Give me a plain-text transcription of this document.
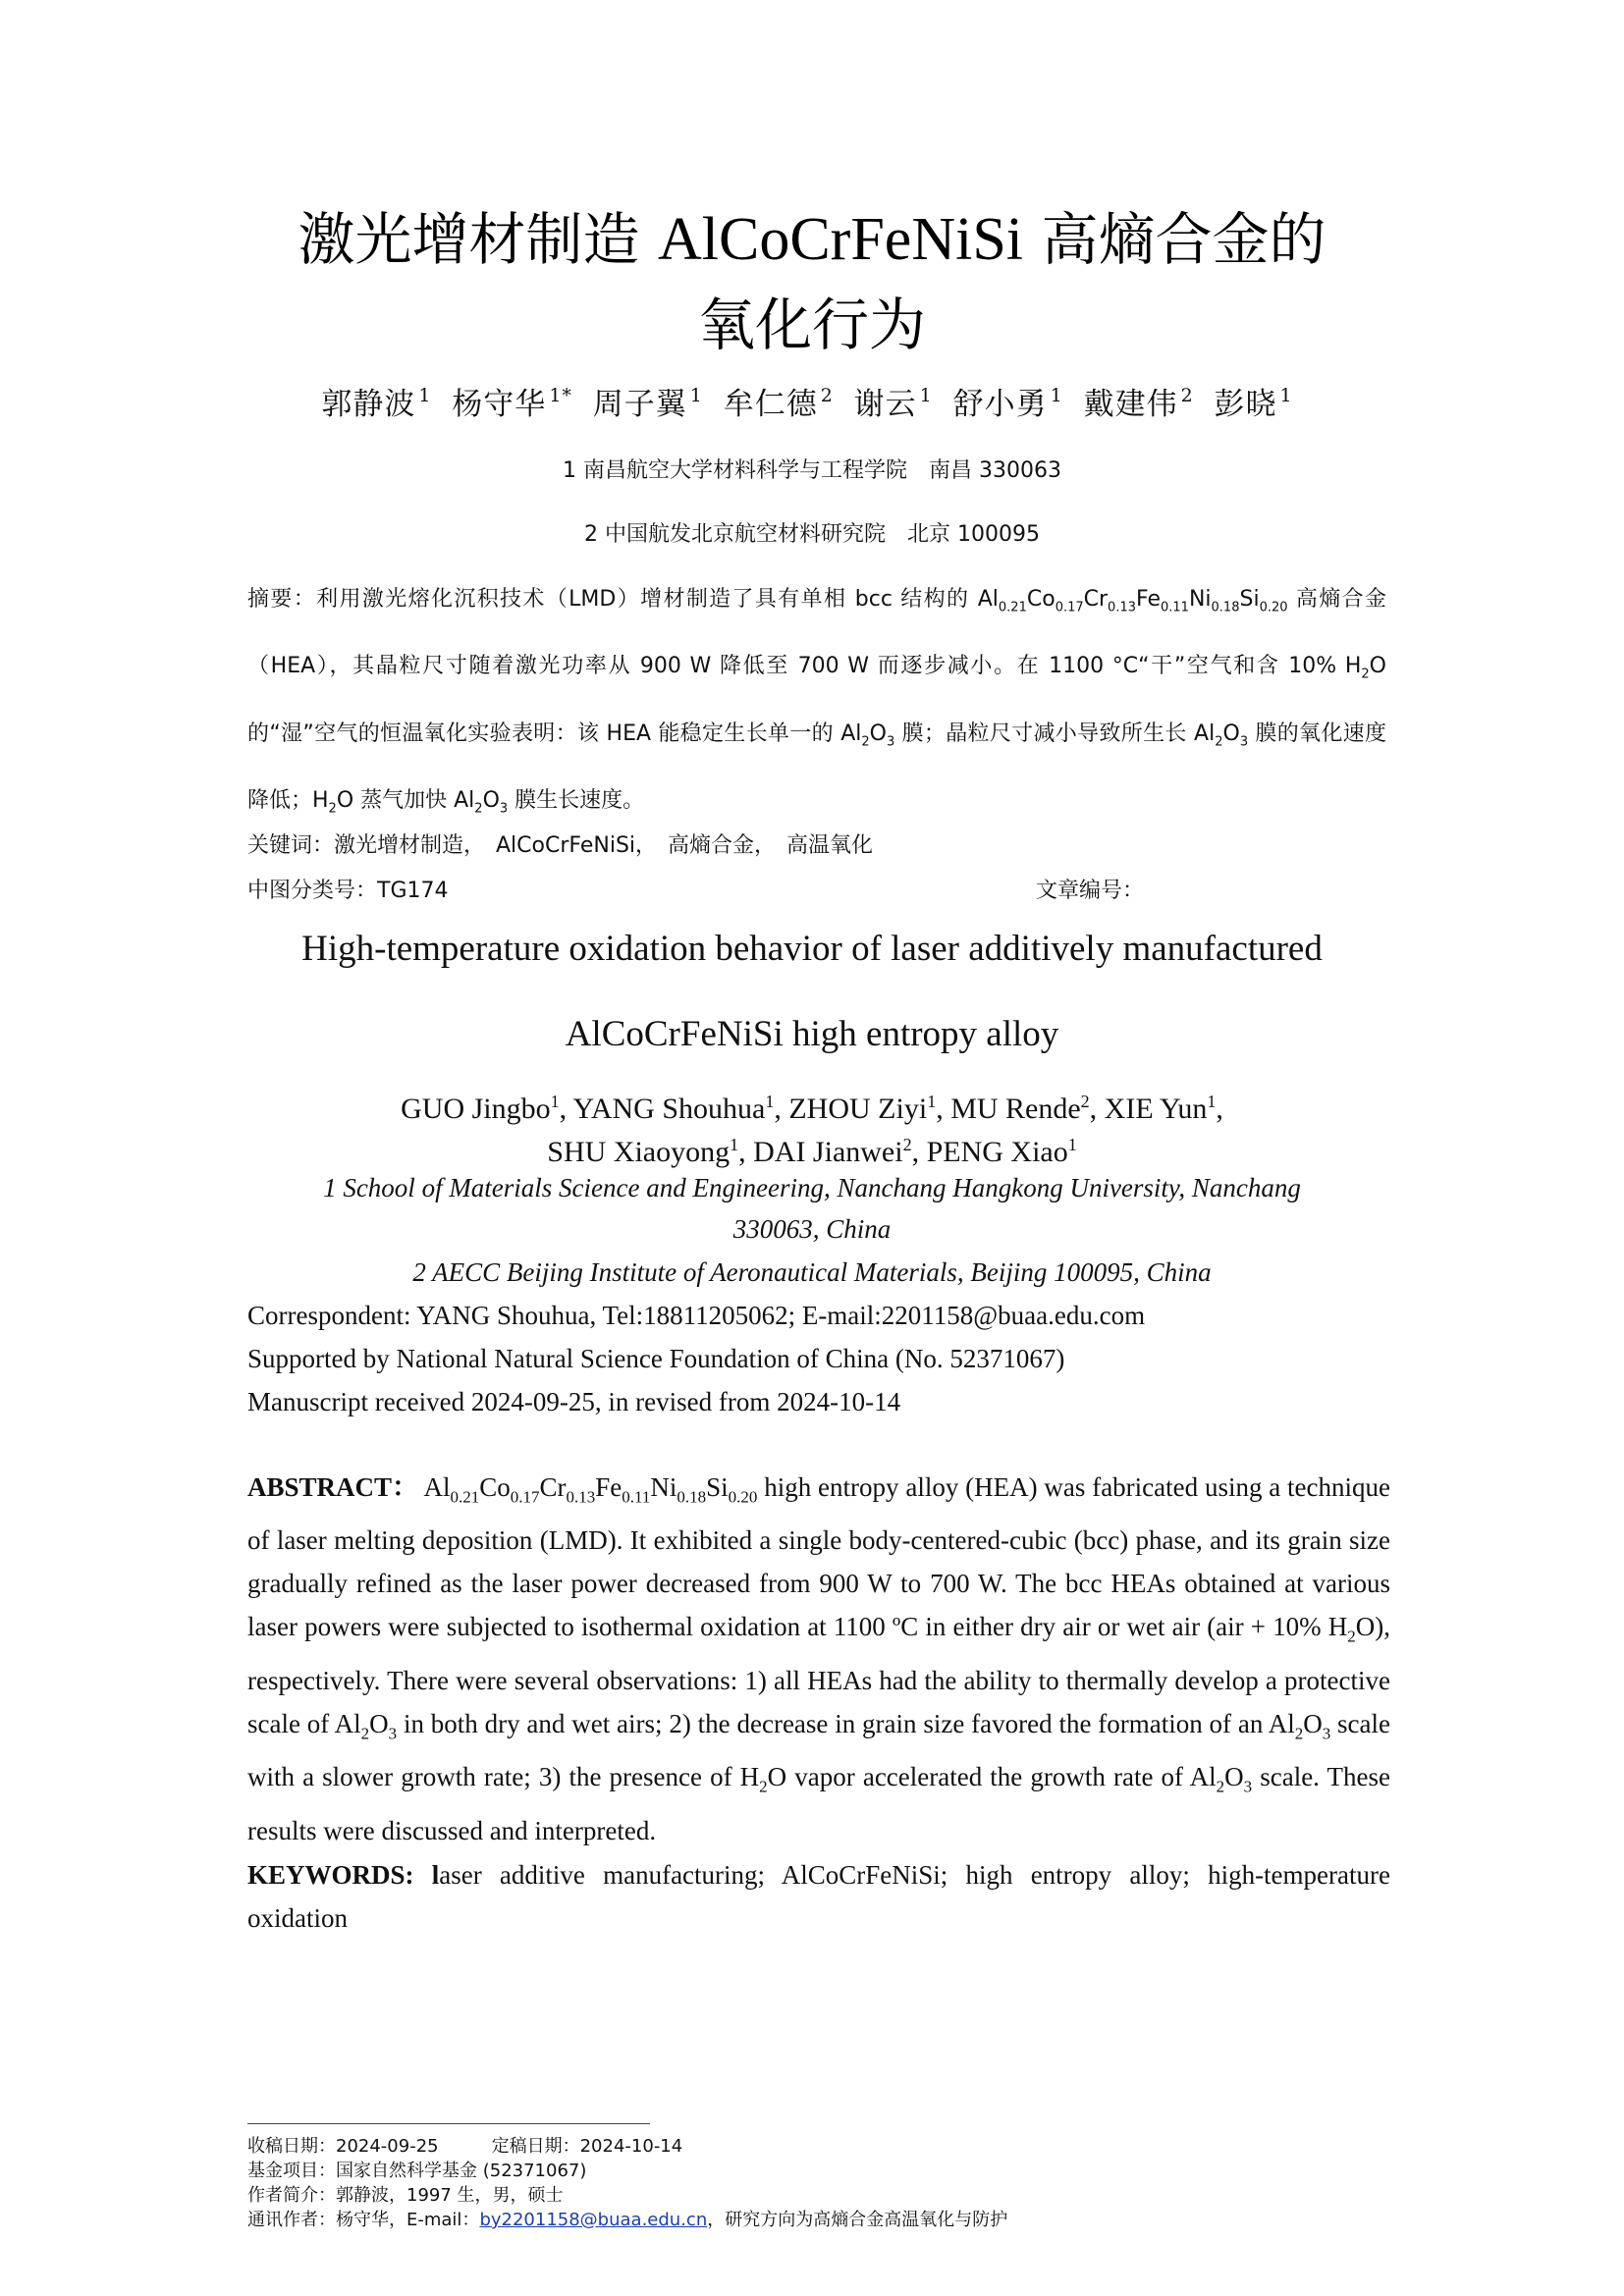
激光增材制造 AlCoCrFeNiSi 高熵合金的
氧化行为
郭静波 $^1$ 杨守华 $^{1*}$ 周子翼 $^1$ 牟仁德 $^2$ 谢云 $^1$ 舒小勇 $^1$ 戴建伟 $^2$ 彭晓 $^1$
1 南昌航空大学材料科学与工程学院　南昌 330063
2 中国航发北京航空材料研究院　北京 100095
摘要：利用激光熔化沉积技术（LMD）增材制造了具有单相 bcc 结构的 $Al_{0.21}Co_{0.17}Cr_{0.13}Fe_{0.11}Ni_{0.18}Si_{0.20}$ 高熵合金（HEA），其晶粒尺寸随着激光功率从 900 W 降低至 700 W 而逐步减小。在 1100 °C“干”空气和含 10% $H_2O$ 的“湿”空气的恒温氧化实验表明：该 HEA 能稳定生长单一的 $Al_2O_3$ 膜；晶粒尺寸减小导致所生长 $Al_2O_3$ 膜的氧化速度降低；$H_2O$ 蒸气加快 $Al_2O_3$ 膜生长速度。
关键词：激光增材制造，　AlCoCrFeNiSi，　高熵合金，　高温氧化
中图分类号：TG174	文章编号：
High-temperature oxidation behavior of laser additively manufactured
AlCoCrFeNiSi high entropy alloy
GUO Jingbo$^1$, YANG Shouhua$^1$, ZHOU Ziyi$^1$, MU Rende$^2$, XIE Yun$^1$,
SHU Xiaoyong$^1$, DAI Jianwei$^2$, PENG Xiao$^1$
1 School of Materials Science and Engineering, Nanchang Hangkong University, Nanchang
330063, China
2 AECC Beijing Institute of Aeronautical Materials, Beijing 100095, China
Correspondent: YANG Shouhua, Tel:18811205062; E-mail:2201158@buaa.edu.com
Supported by National Natural Science Foundation of China (No. 52371067)
Manuscript received 2024-09-25, in revised from 2024-10-14
ABSTRACT： $Al_{0.21}Co_{0.17}Cr_{0.13}Fe_{0.11}Ni_{0.18}Si_{0.20}$ high entropy alloy (HEA) was fabricated using a technique of laser melting deposition (LMD). It exhibited a single body-centered-cubic (bcc) phase, and its grain size gradually refined as the laser power decreased from 900 W to 700 W. The bcc HEAs obtained at various laser powers were subjected to isothermal oxidation at 1100 ºC in either dry air or wet air (air + 10% $H_2O$), respectively. There were several observations: 1) all HEAs had the ability to thermally develop a protective scale of $Al_2O_3$ in both dry and wet airs; 2) the decrease in grain size favored the formation of an $Al_2O_3$ scale with a slower growth rate; 3) the presence of $H_2O$ vapor accelerated the growth rate of $Al_2O_3$ scale. These results were discussed and interpreted.
KEYWORDS: laser additive manufacturing; AlCoCrFeNiSi; high entropy alloy; high-temperature oxidation
收稿日期：2024-09-25　　　定稿日期：2024-10-14
基金项目：国家自然科学基金 (52371067)
作者简介：郭静波，1997 生，男，硕士
通讯作者：杨守华，E-mail：by2201158@buaa.edu.cn，研究方向为高熵合金高温氧化与防护
